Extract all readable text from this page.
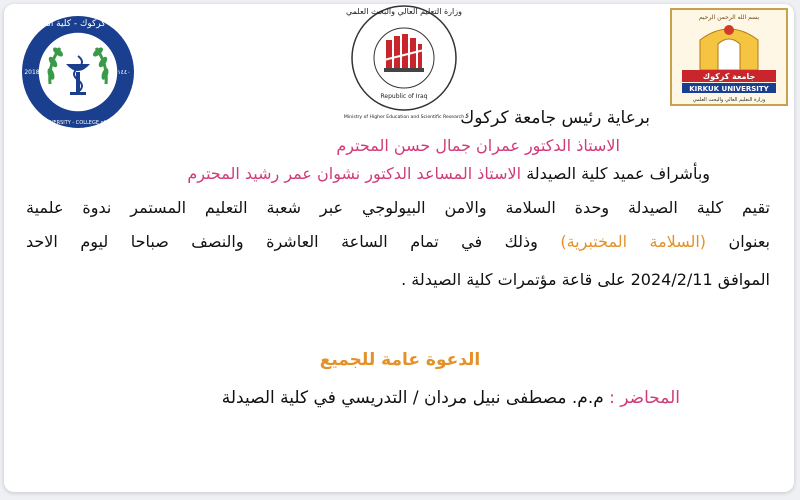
جامعة كركوك - كلية الصيدلة
KIRKUK UNIVERSITY - COLLEGE of PHARMACY
2018	١٤٤٠
وزارة التعليم العالي والبحث العلمي
Republic of Iraq
Ministry of Higher Education and Scientific Research
بسم الله الرحمن الرحيم
جامعة كركوك
KIRKUK UNIVERSITY
وزارة التعليم العالي والبحث العلمي
برعاية رئيس جامعة كركوك
الاستاذ الدكتور عمران جمال حسن المحترم
وبأشراف عميد كلية الصيدلة الاستاذ المساعد الدكتور نشوان عمر رشيد المحترم
تقيم كلية الصيدلة وحدة السلامة والامن البيولوجي عبر شعبة التعليم المستمر ندوة علمية
بعنوان (السلامة المختبرية) وذلك في تمام الساعة العاشرة والنصف صباحا ليوم الاحد
الموافق 2024/2/11 على قاعة مؤتمرات كلية الصيدلة .
الدعوة عامة للجميع
المحاضر : م.م. مصطفى نبيل مردان / التدريسي في كلية الصيدلة
